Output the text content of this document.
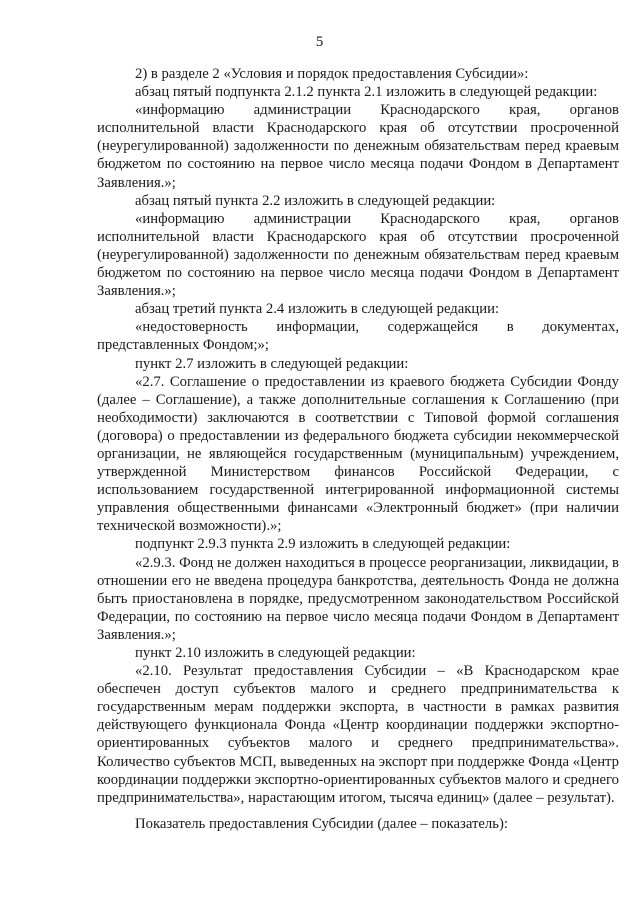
5

2) в разделе 2 «Условия и порядок предоставления Субсидии»:

абзац пятый подпункта 2.1.2 пункта 2.1 изложить в следующей редакции:

«информацию администрации Краснодарского края, органов исполнительной власти Краснодарского края об отсутствии просроченной (неурегулированной) задолженности по денежным обязательствам перед краевым бюджетом по состоянию на первое число месяца подачи Фондом в Департамент Заявления.»;

абзац пятый пункта 2.2 изложить в следующей редакции:

«информацию администрации Краснодарского края, органов исполнительной власти Краснодарского края об отсутствии просроченной (неурегулированной) задолженности по денежным обязательствам перед краевым бюджетом по состоянию на первое число месяца подачи Фондом в Департамент Заявления.»;

абзац третий пункта 2.4 изложить в следующей редакции:

«недостоверность информации, содержащейся в документах, представленных Фондом;»;

пункт 2.7 изложить в следующей редакции:

«2.7. Соглашение о предоставлении из краевого бюджета Субсидии Фонду (далее – Соглашение), а также дополнительные соглашения к Соглашению (при необходимости) заключаются в соответствии с Типовой формой соглашения (договора) о предоставлении из федерального бюджета субсидии некоммерческой организации, не являющейся государственным (муниципальным) учреждением, утвержденной Министерством финансов Российской Федерации, с использованием государственной интегрированной информационной системы управления общественными финансами «Электронный бюджет» (при наличии технической возможности).»;

подпункт 2.9.3 пункта 2.9 изложить в следующей редакции:

«2.9.3. Фонд не должен находиться в процессе реорганизации, ликвидации, в отношении его не введена процедура банкротства, деятельность Фонда не должна быть приостановлена в порядке, предусмотренном законодательством Российской Федерации, по состоянию на первое число месяца подачи Фондом в Департамент Заявления.»;

пункт 2.10 изложить в следующей редакции:

«2.10. Результат предоставления Субсидии – «В Краснодарском крае обеспечен доступ субъектов малого и среднего предпринимательства к государственным мерам поддержки экспорта, в частности в рамках развития действующего функционала Фонда «Центр координации поддержки экспортно-ориентированных субъектов малого и среднего предпринимательства». Количество субъектов МСП, выведенных на экспорт при поддержке Фонда «Центр координации поддержки экспортно-ориентированных субъектов малого и среднего предпринимательства», нарастающим итогом, тысяча единиц» (далее – результат).

Показатель предоставления Субсидии (далее – показатель):
